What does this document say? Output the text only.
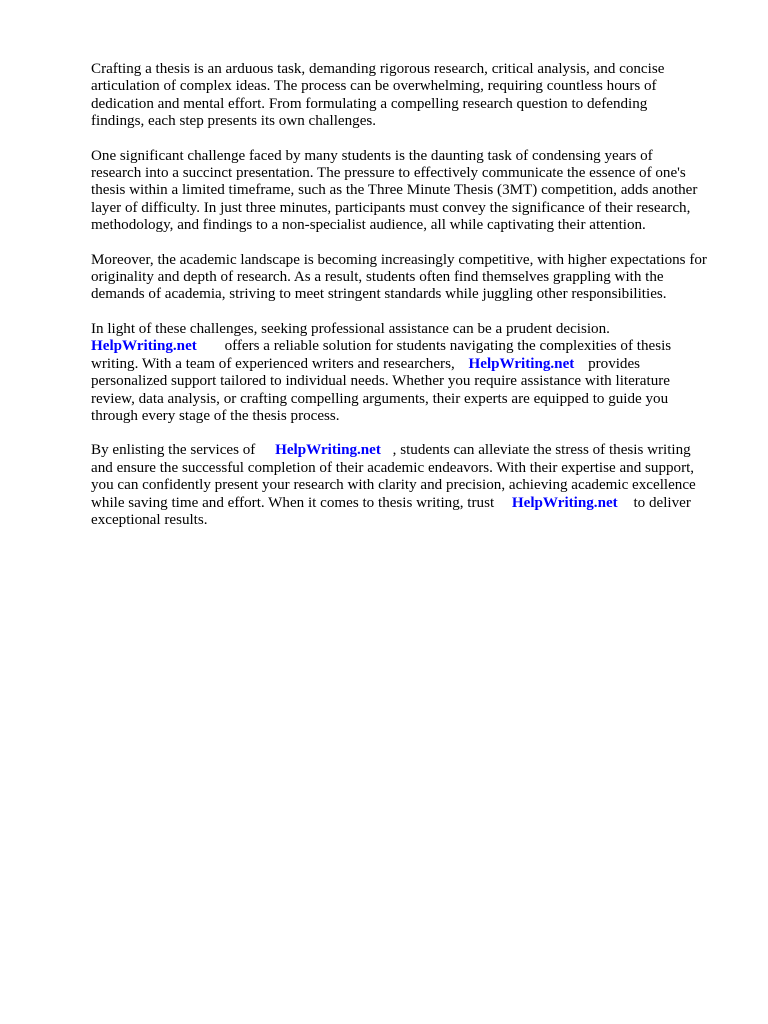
Crafting a thesis is an arduous task, demanding rigorous research, critical analysis, and concise
articulation of complex ideas. The process can be overwhelming, requiring countless hours of
dedication and mental effort. From formulating a compelling research question to defending
findings, each step presents its own challenges.

One significant challenge faced by many students is the daunting task of condensing years of
research into a succinct presentation. The pressure to effectively communicate the essence of one's
thesis within a limited timeframe, such as the Three Minute Thesis (3MT) competition, adds another
layer of difficulty. In just three minutes, participants must convey the significance of their research,
methodology, and findings to a non-specialist audience, all while captivating their attention.

Moreover, the academic landscape is becoming increasingly competitive, with higher expectations for
originality and depth of research. As a result, students often find themselves grappling with the
demands of academia, striving to meet stringent standards while juggling other responsibilities.

In light of these challenges, seeking professional assistance can be a prudent decision.
HelpWriting.net offers a reliable solution for students navigating the complexities of thesis
writing. With a team of experienced writers and researchers, HelpWriting.net provides
personalized support tailored to individual needs. Whether you require assistance with literature
review, data analysis, or crafting compelling arguments, their experts are equipped to guide you
through every stage of the thesis process.

By enlisting the services of HelpWriting.net , students can alleviate the stress of thesis writing
and ensure the successful completion of their academic endeavors. With their expertise and support,
you can confidently present your research with clarity and precision, achieving academic excellence
while saving time and effort. When it comes to thesis writing, trust HelpWriting.net to deliver
exceptional results.
